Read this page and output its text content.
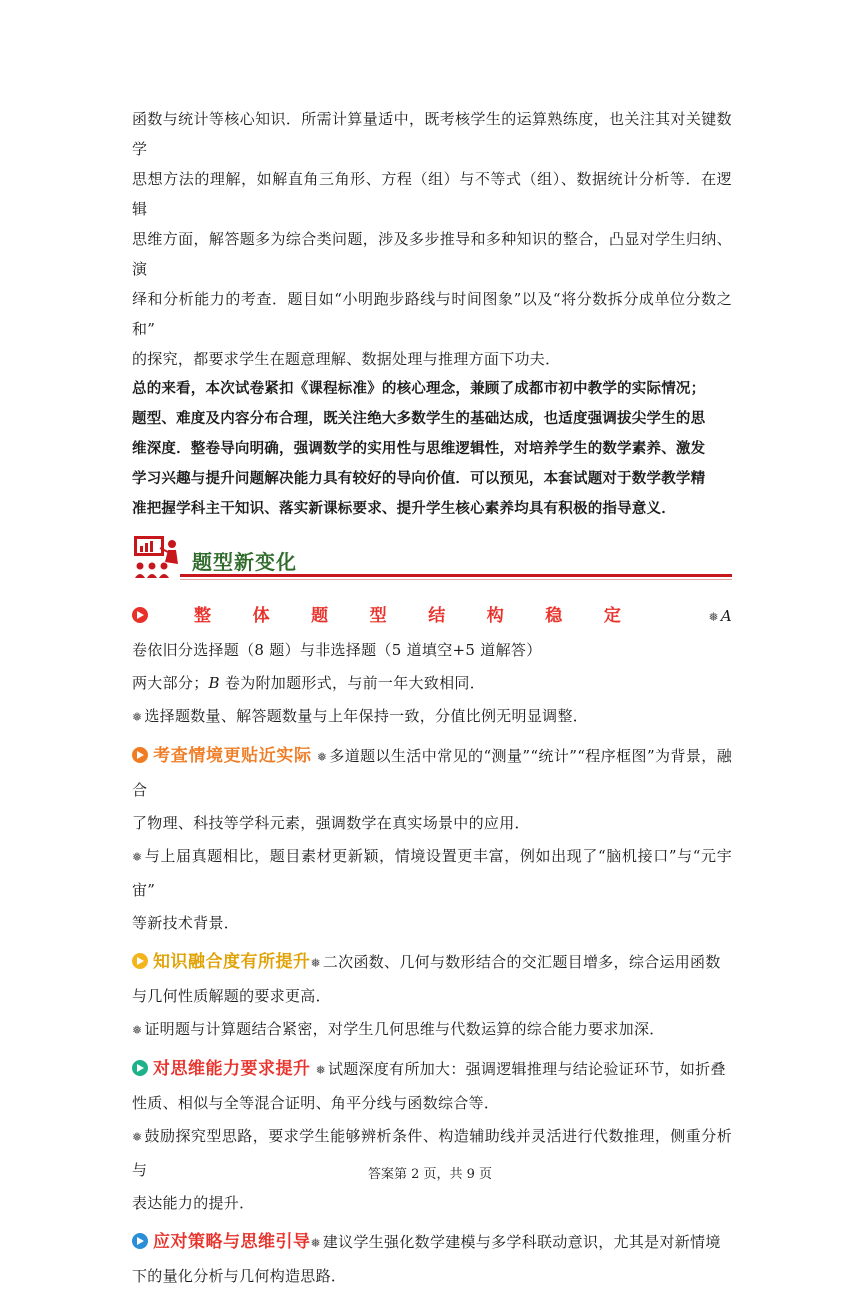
函数与统计等核心知识．所需计算量适中，既考核学生的运算熟练度，也关注其对关键数学

思想方法的理解，如解直角三角形、方程（组）与不等式（组）、数据统计分析等．在逻辑

思维方面，解答题多为综合类问题，涉及多步推导和多种知识的整合，凸显对学生归纳、演

绎和分析能力的考查．题目如“小明跑步路线与时间图象”以及“将分数拆分成单位分数之和”

的探究，都要求学生在题意理解、数据处理与推理方面下功夫．

总的来看，本次试卷紧扣《课程标准》的核心理念，兼顾了成都市初中教学的实际情况；

题型、难度及内容分布合理，既关注绝大多数学生的基础达成，也适度强调拔尖学生的思

维深度．整卷导向明确，强调数学的实用性与思维逻辑性，对培养学生的数学素养、激发

学习兴趣与提升问题解决能力具有较好的导向价值．可以预见，本套试题对于数学教学精

准把握学科主干知识、落实新课标要求、提升学生核心素养均具有积极的指导意义．

题型新变化

整体题型结构稳定	❅ A 卷依旧分选择题（8 题）与非选择题（5 道填空+5 道解答）

两大部分；B 卷为附加题形式，与前一年大致相同．

❅ 选择题数量、解答题数量与上年保持一致，分值比例无明显调整．

考查情境更贴近实际 ❅ 多道题以生活中常见的“测量”“统计”“程序框图”为背景，融合

了物理、科技等学科元素，强调数学在真实场景中的应用．

❅ 与上届真题相比，题目素材更新颖，情境设置更丰富，例如出现了“脑机接口”与“元宇宙”

等新技术背景．

知识融合度有所提升❅ 二次函数、几何与数形结合的交汇题目增多，综合运用函数

与几何性质解题的要求更高．

❅ 证明题与计算题结合紧密，对学生几何思维与代数运算的综合能力要求加深．

对思维能力要求提升 ❅ 试题深度有所加大：强调逻辑推理与结论验证环节，如折叠

性质、相似与全等混合证明、角平分线与函数综合等．

❅ 鼓励探究型思路，要求学生能够辨析条件、构造辅助线并灵活进行代数推理，侧重分析与

表达能力的提升．

应对策略与思维引导❅ 建议学生强化数学建模与多学科联动意识，尤其是对新情境

下的量化分析与几何构造思路．

答案第 2 页，共 9 页
